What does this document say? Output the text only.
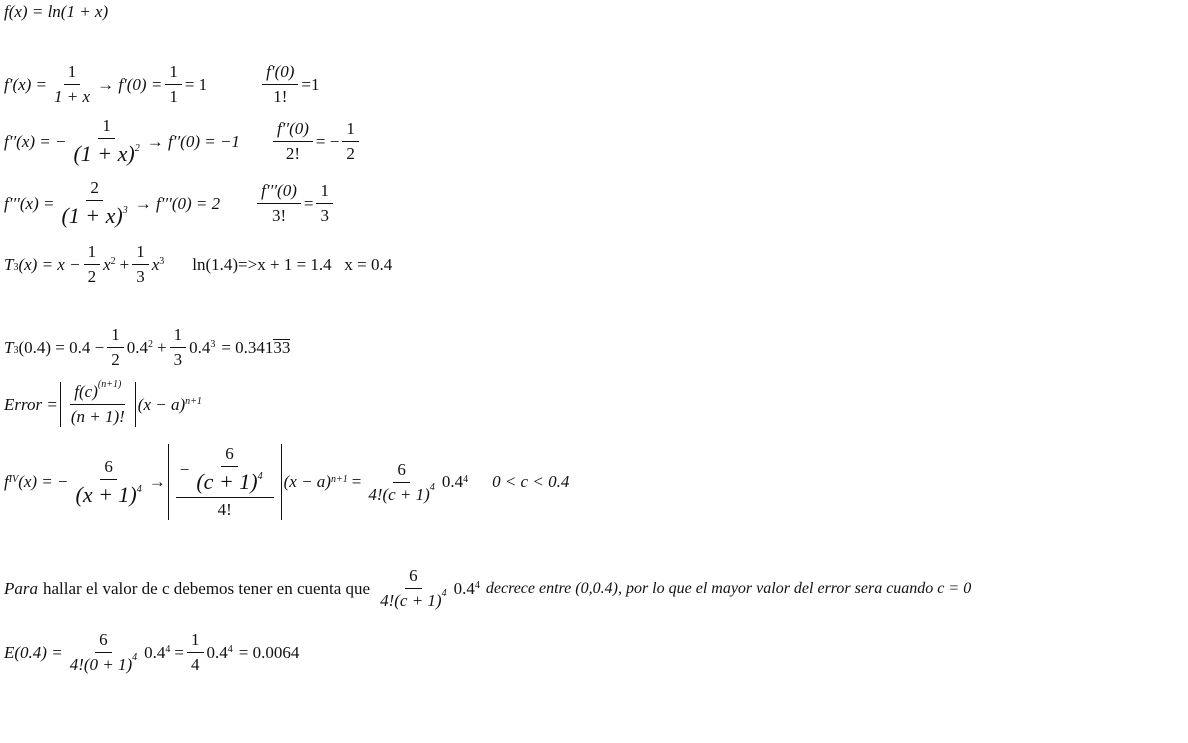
f(x) = ln(1 + x)
$f'(x) = \frac{1}{1 + x} \to f'(0) = \frac{1}{1} = 1$	$\frac{f'(0)}{1!} =1$
f′′(x) = − $\frac{1}{(1 + x)^2} \to f''(0) = -1 \frac{f''(0)}{2!}$ = − $\frac{1}{2}$
$f'''(x) = \frac{2}{(1 + x)^3} \to f'''(0) = 2 \frac{f'''(0)}{3!} = \frac{1}{3}$
$T_3$ $(x) = x - \frac{1}{2} x^2 + \frac{1}{3} x^3$ ln(1.4)=>x + 1 = 1.4   x = 0.4
$T_3$ $(0.4) = 0.4 - \frac{1}{2} 0.4^2 + \frac{1}{3} 0.4^3 = 0.341$ 33
Error = $\frac{f(c)^{(n+1)}}{(n + 1)!} (x - a)^{n+1}$
$f^{IV}$ (x) = − $\frac{6}{(x + 1)^4} \to \frac{- \frac{6}{(c + 1)^4}}{4!} (x - a)^{n+1} = \frac{6}{4!(c + 1)^4} 0.4^4$ 0 < c < 0.4
Para hallar el valor de c debemos tener en cuenta que $\frac{6}{4!(c + 1)^4} 0.4^4$ decrece entre (0,0.4), por lo que el mayor valor del error sera cuando c = 0
$E(0.4) = \frac{6}{4!(0 + 1)^4} 0.4^4 = \frac{1}{4} 0.4^4 = 0.0064$
